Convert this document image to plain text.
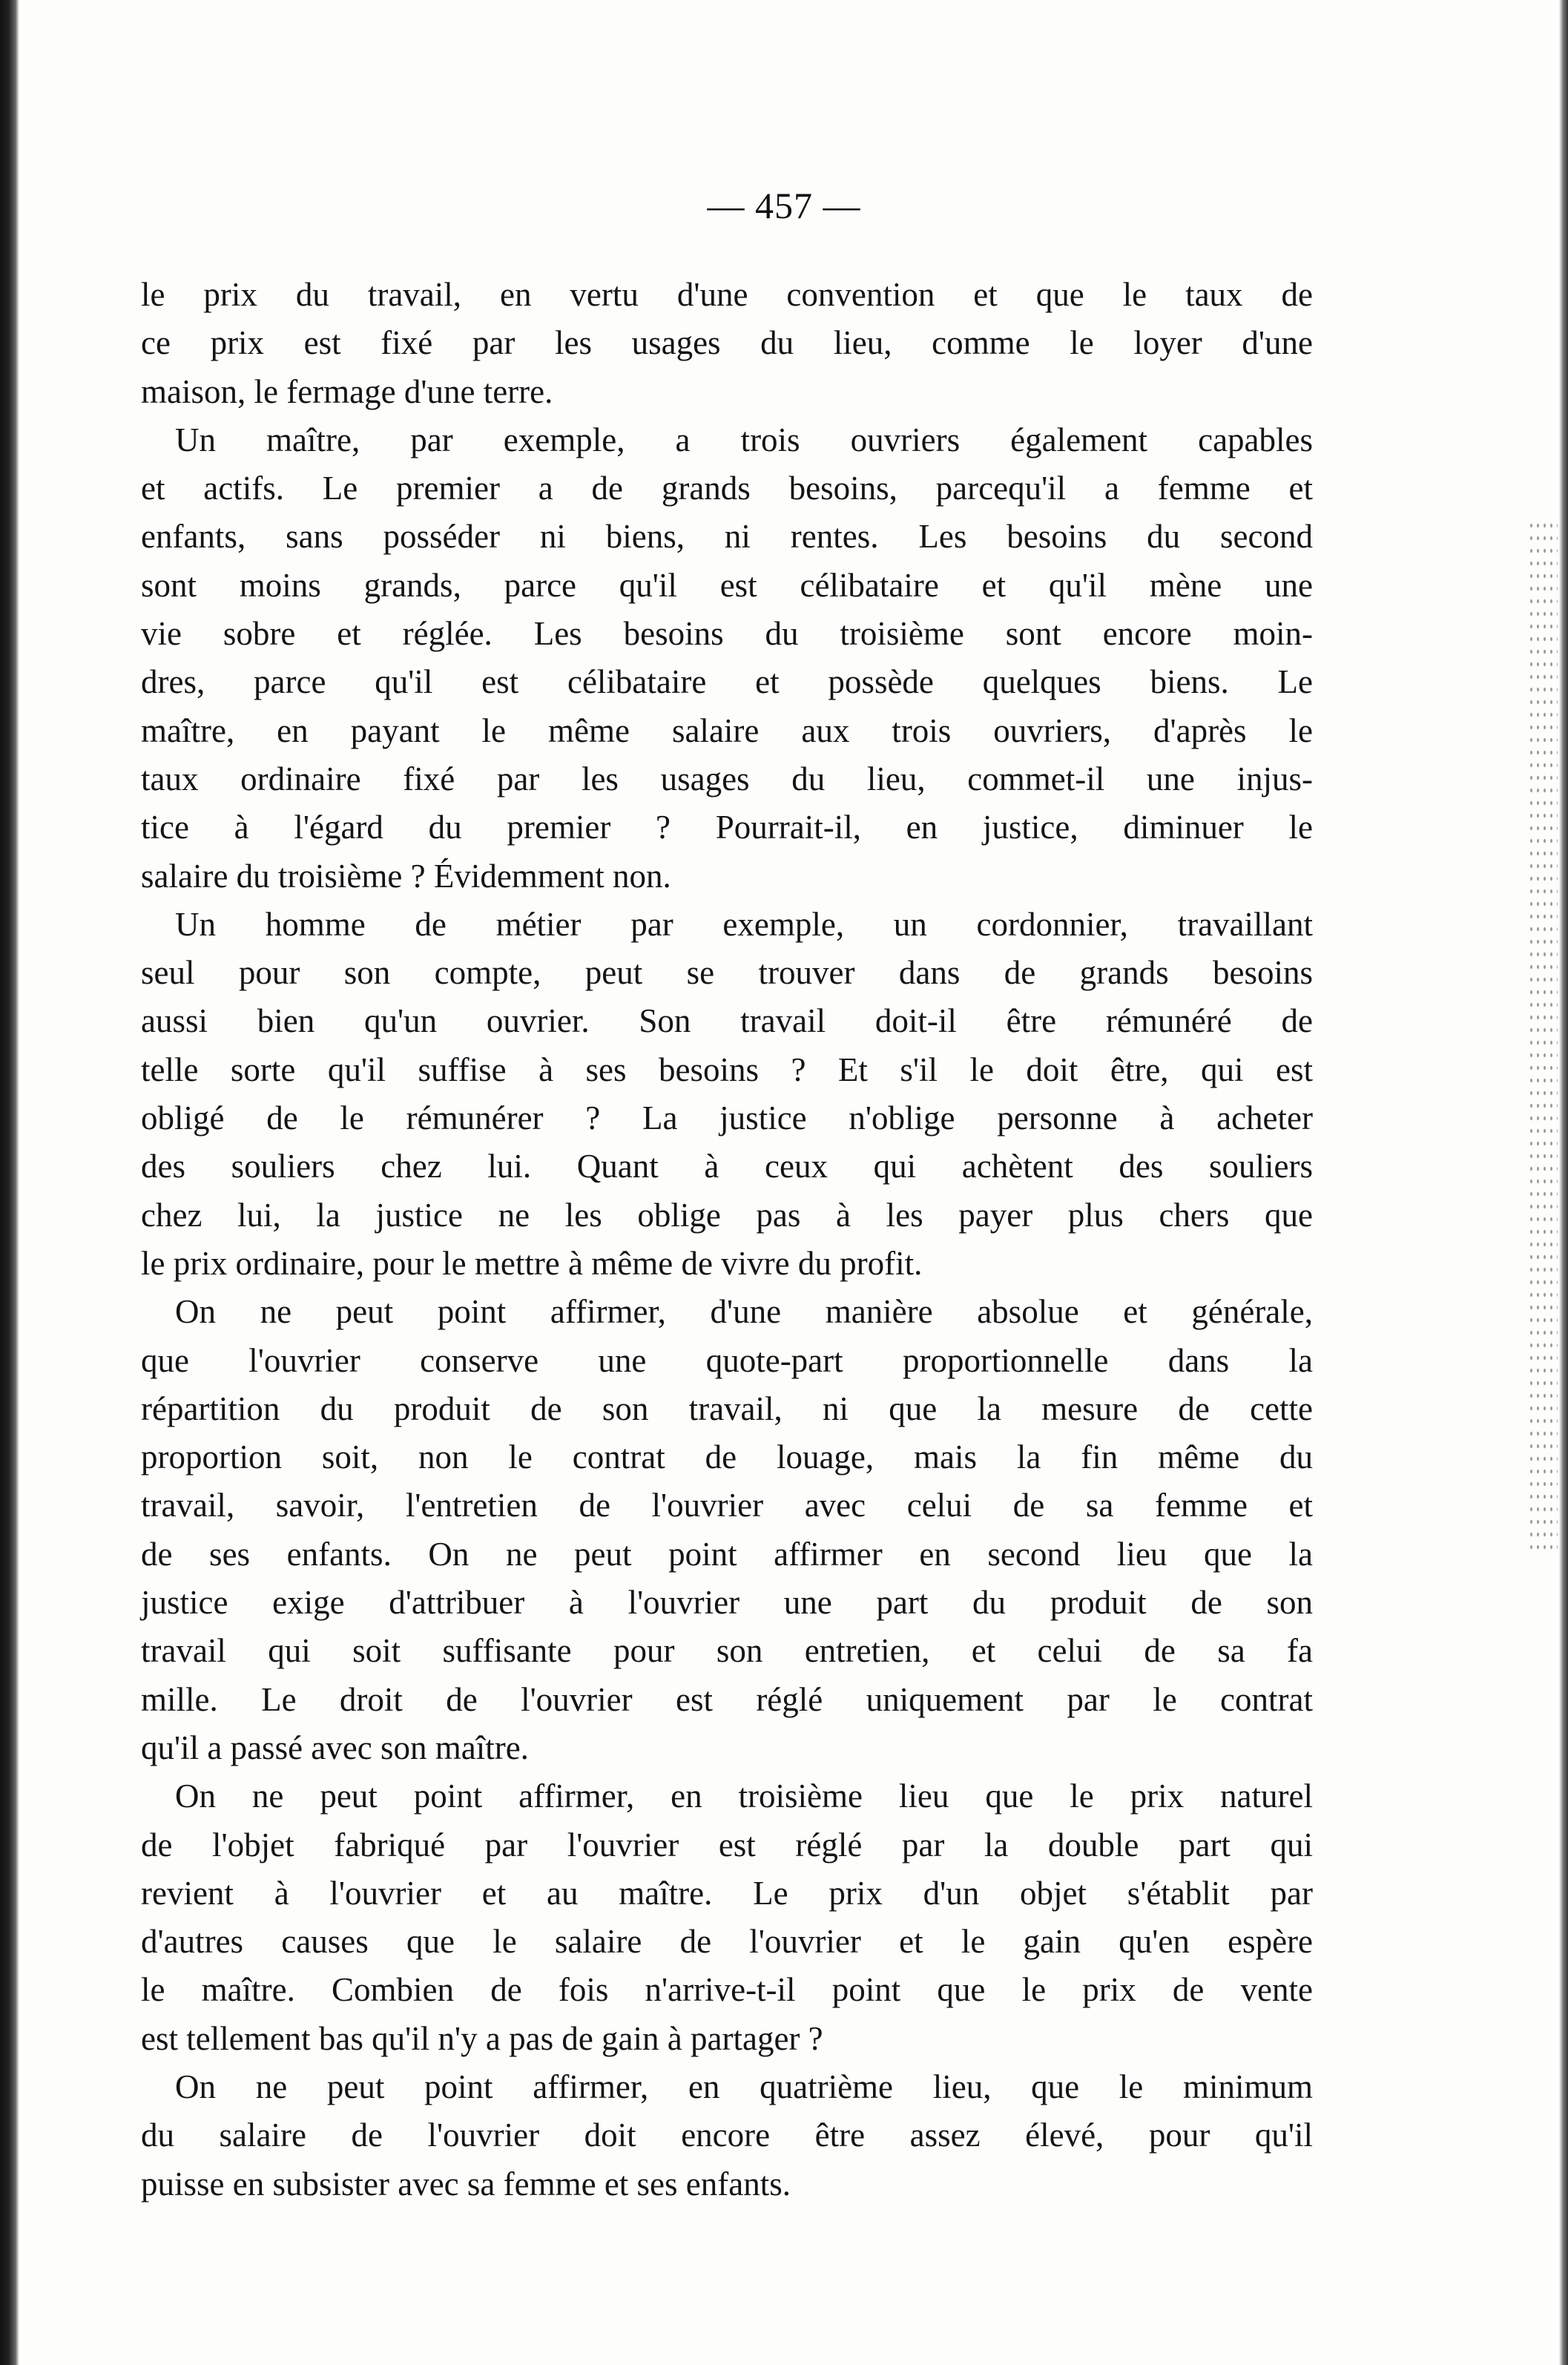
— 457 —
le prix du travail, en vertu d'une convention et que le taux de
ce prix est fixé par les usages du lieu, comme le loyer d'une
maison, le fermage d'une terre.
Un maître, par exemple, a trois ouvriers également capables
et actifs. Le premier a de grands besoins, parcequ'il a femme et
enfants, sans posséder ni biens, ni rentes. Les besoins du second
sont moins grands, parce qu'il est célibataire et qu'il mène une
vie sobre et réglée. Les besoins du troisième sont encore moin-
dres, parce qu'il est célibataire et possède quelques biens. Le
maître, en payant le même salaire aux trois ouvriers, d'après le
taux ordinaire fixé par les usages du lieu, commet-il une injus-
tice à l'égard du premier ? Pourrait-il, en justice, diminuer le
salaire du troisième ? Évidemment non.
Un homme de métier par exemple, un cordonnier, travaillant
seul pour son compte, peut se trouver dans de grands besoins
aussi bien qu'un ouvrier. Son travail doit-il être rémunéré de
telle sorte qu'il suffise à ses besoins ? Et s'il le doit être, qui est
obligé de le rémunérer ? La justice n'oblige personne à acheter
des souliers chez lui. Quant à ceux qui achètent des souliers
chez lui, la justice ne les oblige pas à les payer plus chers que
le prix ordinaire, pour le mettre à même de vivre du profit.
On ne peut point affirmer, d'une manière absolue et générale,
que l'ouvrier conserve une quote-part proportionnelle dans la
répartition du produit de son travail, ni que la mesure de cette
proportion soit, non le contrat de louage, mais la fin même du
travail, savoir, l'entretien de l'ouvrier avec celui de sa femme et
de ses enfants. On ne peut point affirmer en second lieu que la
justice exige d'attribuer à l'ouvrier une part du produit de son
travail qui soit suffisante pour son entretien, et celui de sa fa
mille. Le droit de l'ouvrier est réglé uniquement par le contrat
qu'il a passé avec son maître.
On ne peut point affirmer, en troisième lieu que le prix naturel
de l'objet fabriqué par l'ouvrier est réglé par la double part qui
revient à l'ouvrier et au maître. Le prix d'un objet s'établit par
d'autres causes que le salaire de l'ouvrier et le gain qu'en espère
le maître. Combien de fois n'arrive-t-il point que le prix de vente
est tellement bas qu'il n'y a pas de gain à partager ?
On ne peut point affirmer, en quatrième lieu, que le minimum
du salaire de l'ouvrier doit encore être assez élevé, pour qu'il
puisse en subsister avec sa femme et ses enfants.
